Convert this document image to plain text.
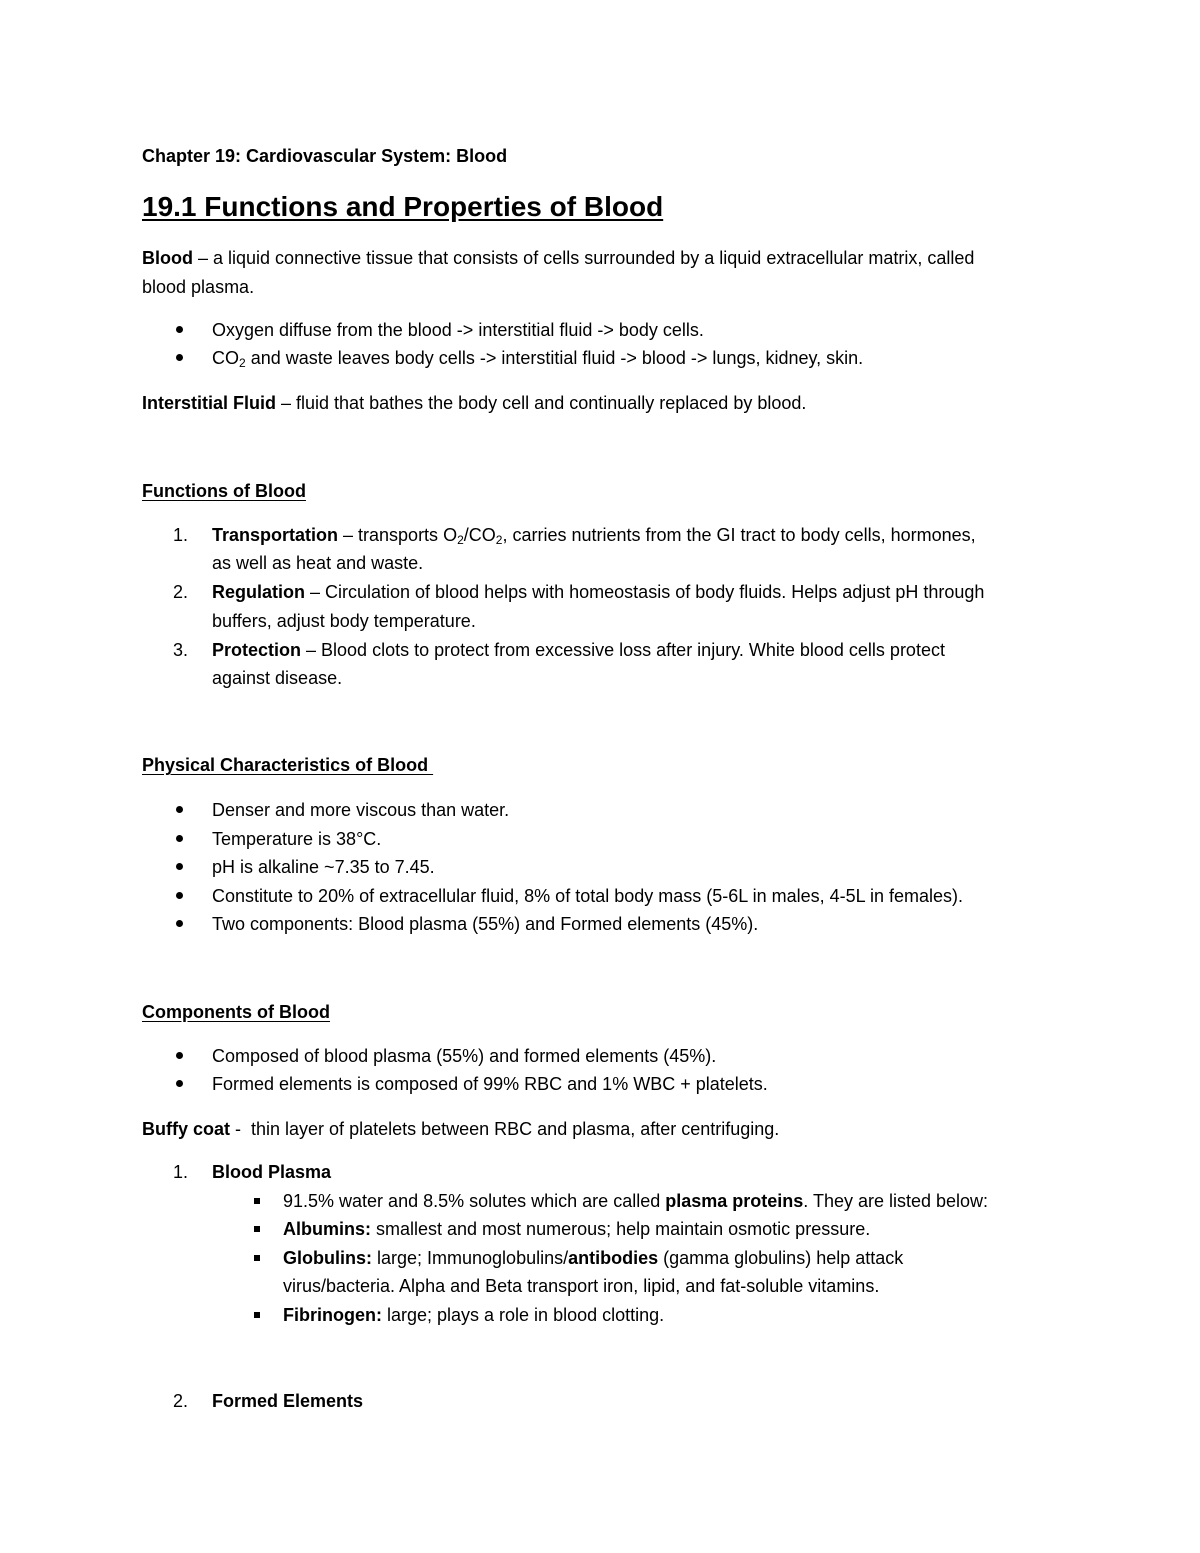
Chapter 19: Cardiovascular System: Blood

19.1 Functions and Properties of Blood

Blood – a liquid connective tissue that consists of cells surrounded by a liquid extracellular matrix, called

blood plasma.

Oxygen diffuse from the blood -> interstitial fluid -> body cells.

$CO_2$ and waste leaves body cells -> interstitial fluid -> blood -> lungs, kidney, skin.

Interstitial Fluid – fluid that bathes the body cell and continually replaced by blood.

Functions of Blood

1. Transportation – transports $O_2/CO_2$, carries nutrients from the GI tract to body cells, hormones,

as well as heat and waste.

2. Regulation – Circulation of blood helps with homeostasis of body fluids. Helps adjust pH through

buffers, adjust body temperature.

3. Protection – Blood clots to protect from excessive loss after injury. White blood cells protect

against disease.

Physical Characteristics of Blood

Denser and more viscous than water.

Temperature is 38°C.

pH is alkaline ~7.35 to 7.45.

Constitute to 20% of extracellular fluid, 8% of total body mass (5-6L in males, 4-5L in females).

Two components: Blood plasma (55%) and Formed elements (45%).

Components of Blood

Composed of blood plasma (55%) and formed elements (45%).

Formed elements is composed of 99% RBC and 1% WBC + platelets.

Buffy coat -  thin layer of platelets between RBC and plasma, after centrifuging.

1. Blood Plasma

91.5% water and 8.5% solutes which are called plasma proteins. They are listed below:

Albumins: smallest and most numerous; help maintain osmotic pressure.

Globulins: large; Immunoglobulins/antibodies (gamma globulins) help attack

virus/bacteria. Alpha and Beta transport iron, lipid, and fat-soluble vitamins.

Fibrinogen: large; plays a role in blood clotting.

2. Formed Elements
